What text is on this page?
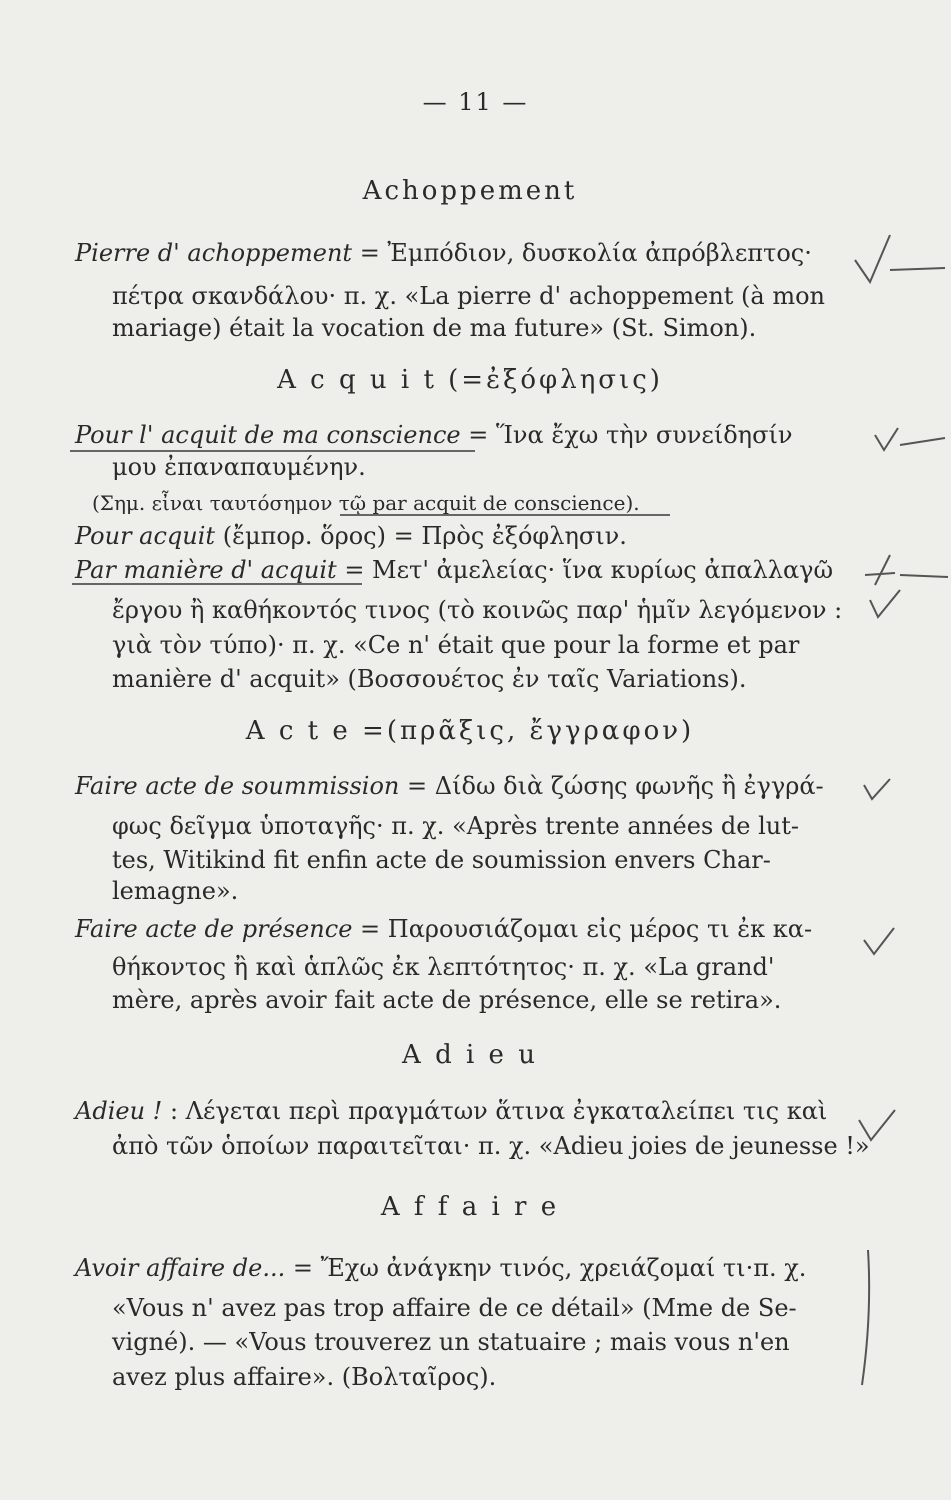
— 11 —
Achoppement
Pierre d' achoppement = Ἐμπόδιον, δυσκολία ἀπρόβλεπτος·
πέτρα σκανδάλου· π. χ. «La pierre d' achoppement (à mon
mariage) était la vocation de ma future» (St. Simon).
A c q u i t (=ἐξόφλησις)
Pour l' acquit de ma conscience = Ἵνα ἔχω τὴν συνείδησίν
μου ἐπαναπαυμένην.
(Σημ. εἶναι ταυτόσημον τῷ par acquit de conscience).
Pour acquit (ἔμπορ. ὅρος) = Πρὸς ἐξόφλησιν.
Par manière d' acquit = Μετ' ἀμελείας· ἵνα κυρίως ἀπαλλαγῶ
ἔργου ἢ καθήκοντός τινος (τὸ κοινῶς παρ' ἡμῖν λεγόμενον :
γιὰ τὸν τύπο)· π. χ. «Ce n' était que pour la forme et par
manière d' acquit» (Βοσσουέτος ἐν ταῖς Variations).
A c t e =(πρᾶξις, ἔγγραφον)
Faire acte de soummission = Δίδω διὰ ζώσης φωνῆς ἢ ἐγγρά-
φως δεῖγμα ὑποταγῆς· π. χ. «Après trente années de lut-
tes, Witikind fit enfin acte de soumission envers Char-
lemagne».
Faire acte de présence = Παρουσιάζομαι εἰς μέρος τι ἐκ κα-
θήκοντος ἢ καὶ ἁπλῶς ἐκ λεπτότητος· π. χ. «La grand'
mère, après avoir fait acte de présence, elle se retira».
A d i e u
Adieu ! : Λέγεται περὶ πραγμάτων ἅτινα ἐγκαταλείπει τις καὶ
ἀπὸ τῶν ὁποίων παραιτεῖται· π. χ. «Adieu joies de jeunesse !»
A f f a i r e
Avoir affaire de... = Ἔχω ἀνάγκην τινός, χρειάζομαί τι·π. χ.
«Vous n' avez pas trop affaire de ce détail» (Mme de Se-
vigné). — «Vous trouverez un statuaire ; mais vous n'en
avez plus affaire». (Βολταῖρος).
